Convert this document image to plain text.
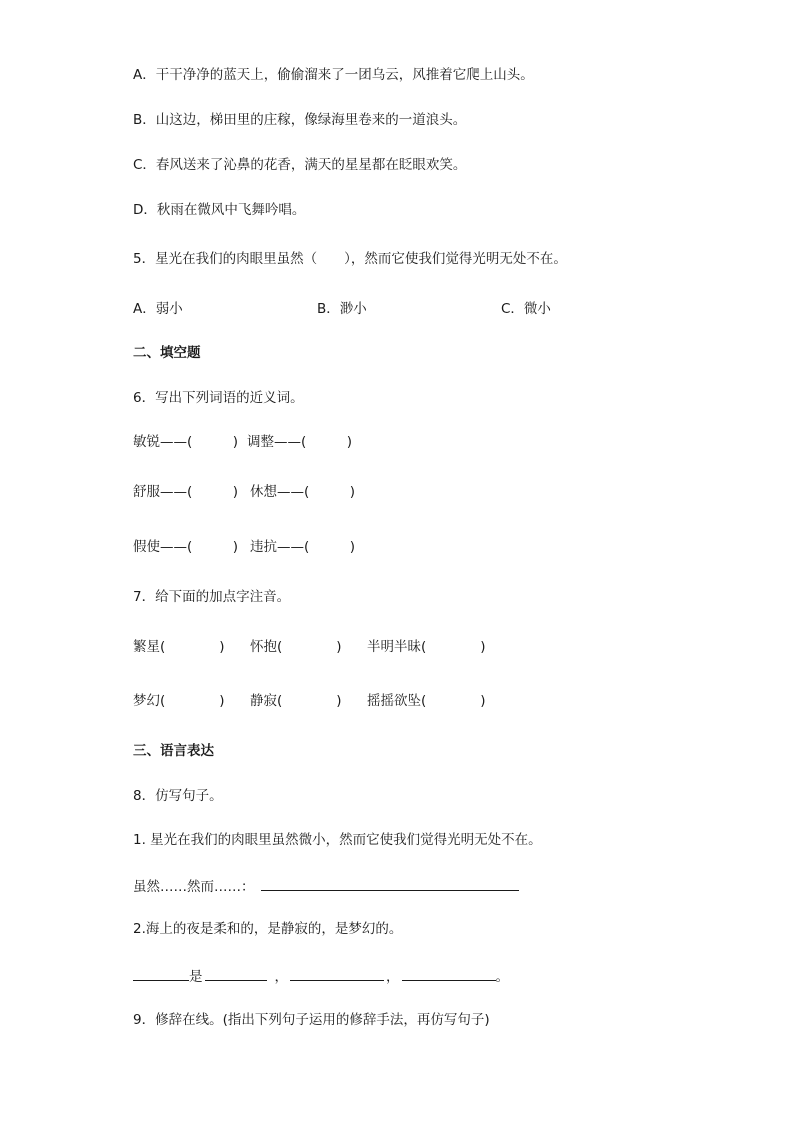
A．干干净净的蓝天上，偷偷溜来了一团乌云，风推着它爬上山头。
B．山这边，梯田里的庄稼，像绿海里卷来的一道浪头。
C．春风送来了沁鼻的花香，满天的星星都在眨眼欢笑。
D．秋雨在微风中飞舞吟唱。
5．星光在我们的肉眼里虽然（　　），然而它使我们觉得光明无处不在。
A．弱小	B．渺小	C．微小
二、填空题
6．写出下列词语的近义词。
敏锐——(　　　) 调整——(　　　)
舒服——(　　　) 休想——(　　　)
假使——(　　　) 违抗——(　　　)
7．给下面的加点字注音。
繁星(　　　　) 怀抱(　　　　) 半明半昧(　　　　)
梦幻(　　　　) 静寂(　　　　) 摇摇欲坠(　　　　)
三、语言表达
8．仿写句子。
1. 星光在我们的肉眼里虽然微小，然而它使我们觉得光明无处不在。
虽然……然而……：
2.海上的夜是柔和的，是静寂的，是梦幻的。
是	，	，	。
9．修辞在线。(指出下列句子运用的修辞手法，再仿写句子)
